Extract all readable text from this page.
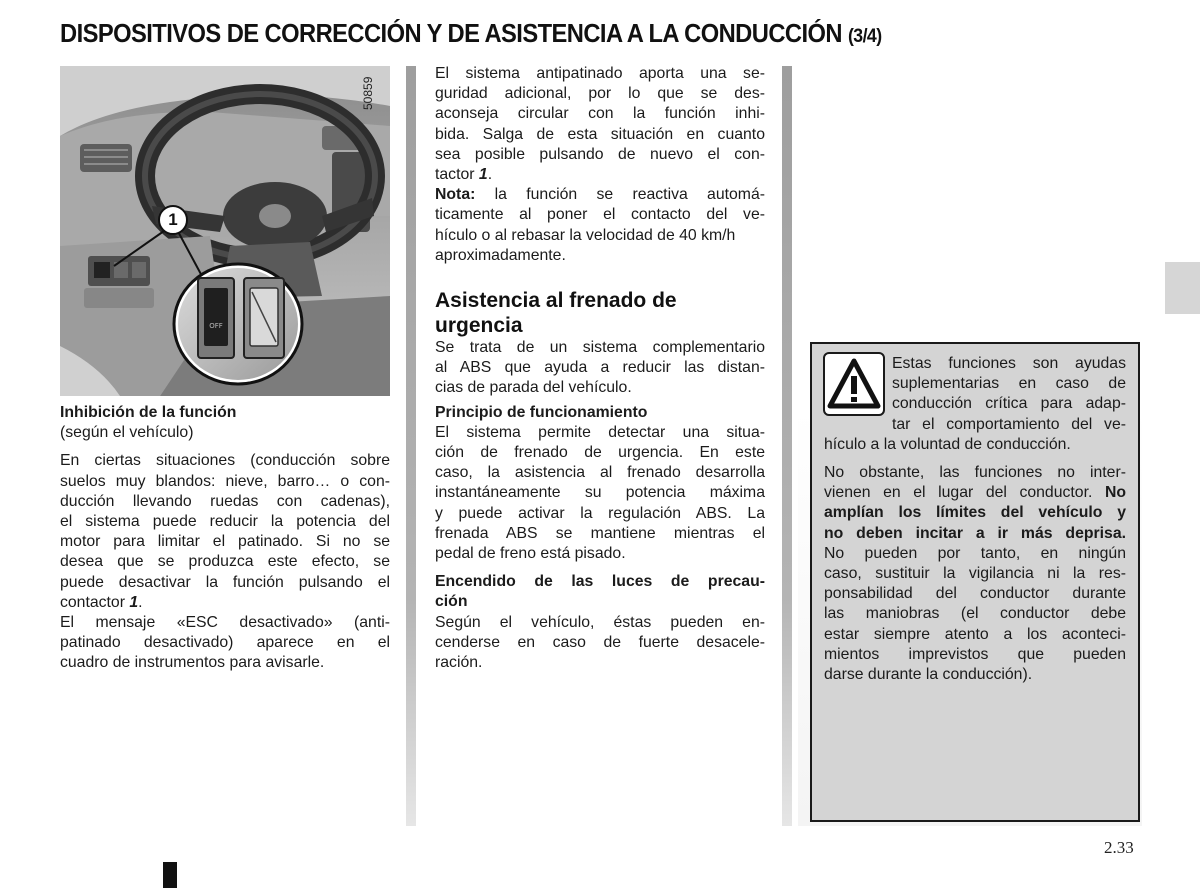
DISPOSITIVOS DE CORRECCIÓN Y DE ASISTENCIA A LA CONDUCCIÓN (3/4)
OFF
1
50859

Inhibición de la función

(según el vehículo)

En ciertas situaciones (conducción sobre

suelos muy blandos: nieve, barro… o con-

ducción llevando ruedas con cadenas),

el sistema puede reducir la potencia del

motor para limitar el patinado. Si no se

desea que se produzca este efecto, se

puede desactivar la función pulsando el

contactor 1.

El mensaje «ESC desactivado» (anti-

patinado desactivado) aparece en el

cuadro de instrumentos para avisarle.

El sistema antipatinado aporta una se-

guridad adicional, por lo que se des-

aconseja circular con la función inhi-

bida. Salga de esta situación en cuanto

sea posible pulsando de nuevo el con-

tactor 1.

Nota: la función se reactiva automá-

ticamente al poner el contacto del ve-

hículo o al rebasar la velocidad de 40 km/h

aproximadamente.

Asistencia al frenado de

urgencia

Se trata de un sistema complementario

al ABS que ayuda a reducir las distan-

cias de parada del vehículo.

Principio de funcionamiento

El sistema permite detectar una situa-

ción de frenado de urgencia. En este

caso, la asistencia al frenado desarrolla

instantáneamente su potencia máxima

y puede activar la regulación ABS. La

frenada ABS se mantiene mientras el

pedal de freno está pisado.

Encendido de las luces de precau-

ción

Según el vehículo, éstas pueden en-

cenderse en caso de fuerte desacele-

ración.

Estas funciones son ayudas

suplementarias en caso de

conducción crítica para adap-

tar el comportamiento del ve-

hículo a la voluntad de conducción.

No obstante, las funciones no inter-

vienen en el lugar del conductor. No

amplían los límites del vehículo y

no deben incitar a ir más deprisa.

No pueden por tanto, en ningún

caso, sustituir la vigilancia ni la res-

ponsabilidad del conductor durante

las maniobras (el conductor debe

estar siempre atento a los aconteci-

mientos imprevistos que pueden

darse durante la conducción).

2.33
